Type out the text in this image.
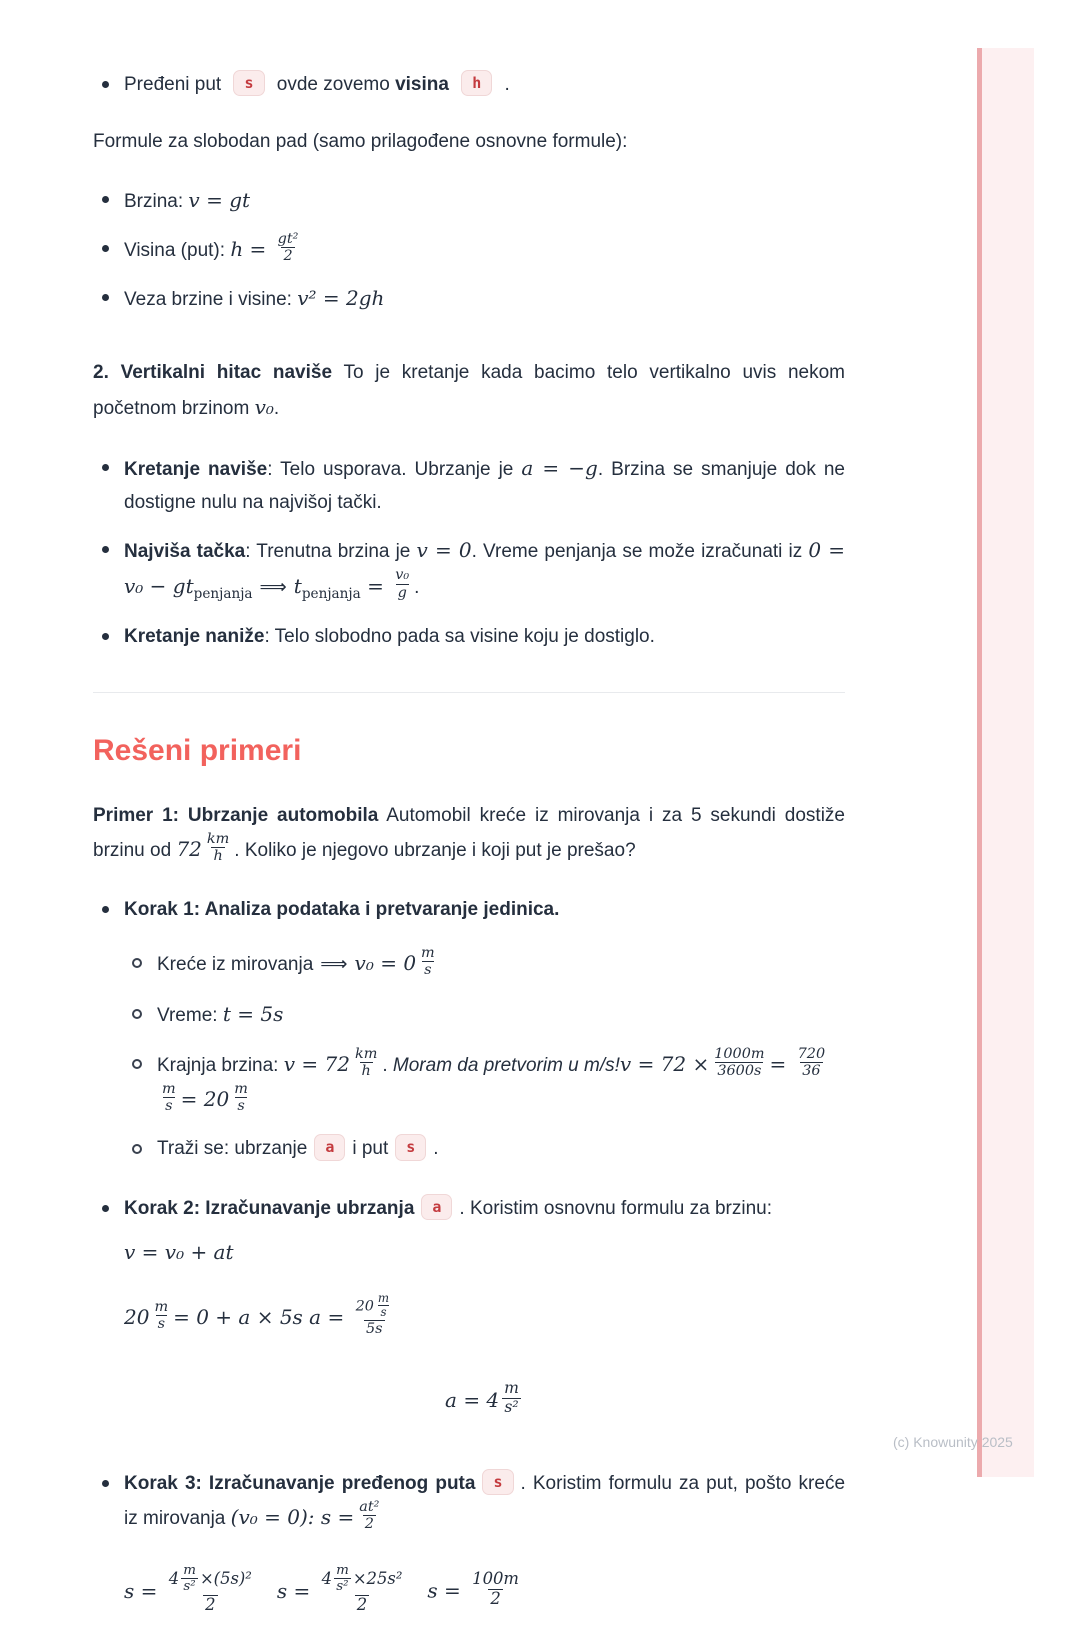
Pređeni put s ovde zovemo visina h .

Formule za slobodan pad (samo prilagođene osnovne formule):

Brzina: v = gt
Visina (put): $h = \frac{\text{gt²}}{2}$
Veza brzine i visine: v² = 2gh

2. Vertikalni hitac naviše To je kretanje kada bacimo telo vertikalno uvis nekom početnom brzinom v₀.

Kretanje naviše: Telo usporava. Ubrzanje je a = −g. Brzina se smanjuje dok ne dostigne nulu na najvišoj tački.
Najviša tačka: Trenutna brzina je v = 0. Vreme penjanja se može izračunati iz $0 = v_0 - gt_{penjanja}$ ⟹ $t_{penjanja} = \frac{\text{v₀}}{g}$ .
Kretanje naniže: Telo slobodno pada sa visine koju je dostiglo.
Rešeni primeri

Primer 1: Ubrzanje automobila Automobil kreće iz mirovanja i za 5 sekundi dostiže brzinu od $72 \frac{km}{h}$ . Koliko je njegovo ubrzanje i koji put je prešao?

Korak 1: Analiza podataka i pretvaranje jedinica.
Kreće iz mirovanja ⟹ $v_0 = 0 \frac{m}{s}$
Vreme: t = 5s
Krajnja brzina: $v = 72 \frac{km}{h}$ . Moram da pretvorim u $m/s!v = 72 \times \frac{1000m}{3600s} = \frac{720}{36}$
$\frac{m}{s} = 20 \frac{m}{s}$
Traži se: ubrzanje a i put s .
Korak 2: Izračunavanje ubrzanja a . Koristim osnovnu formulu za brzinu:
v = v₀ + at
$20 \frac{m}{s} = 0 + a \times 5s$ $a = \frac{20 \frac{m}{s}}{5s}$
$a = 4 \frac{m}{\text{s²}}$
Korak 3: Izračunavanje pređenog puta s . Koristim formulu za put, pošto kreće iz mirovanja (v₀ = 0): $s = \frac{\text{at²}}{2}$
$s = \frac{4 \frac{m}{\text{s²}} \times(5s)^2}{2}$ $s = \frac{4 \frac{m}{\text{s²}} \times 25s^2}{2}$ $s = \frac{100m}{2}$
(c) Knowunity 2025
